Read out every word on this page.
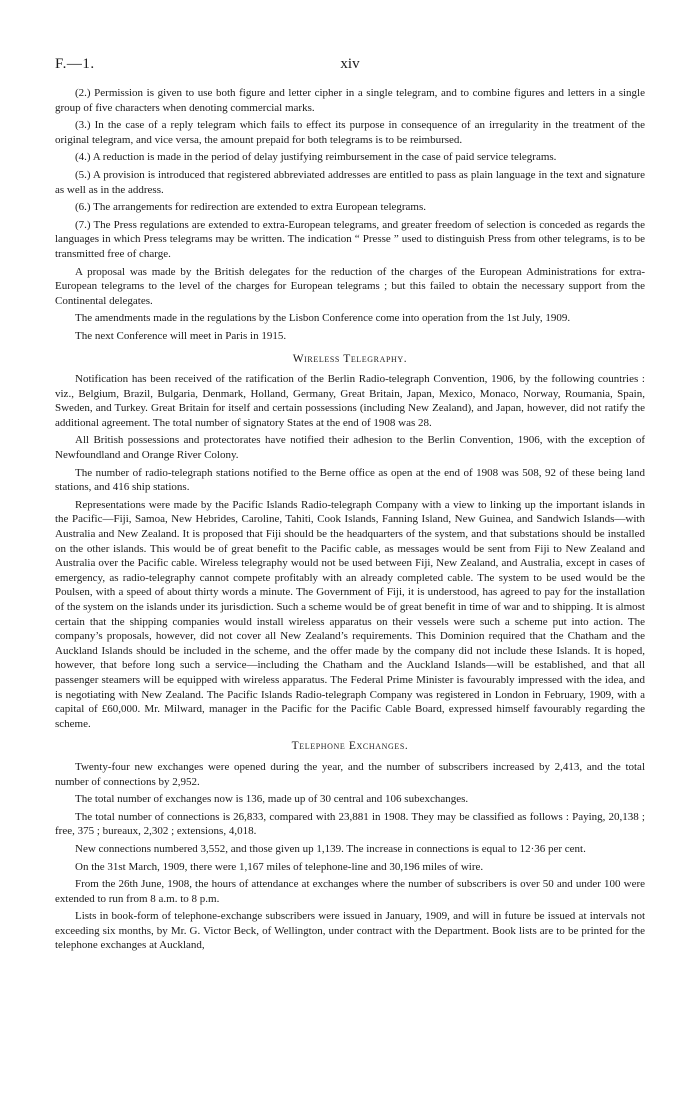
F.—1.	xiv

(2.) Permission is given to use both figure and letter cipher in a single telegram, and to combine figures and letters in a single group of five characters when denoting commercial marks.

(3.) In the case of a reply telegram which fails to effect its purpose in consequence of an irregularity in the treatment of the original telegram, and vice versa, the amount prepaid for both telegrams is to be reimbursed.

(4.) A reduction is made in the period of delay justifying reimbursement in the case of paid service telegrams.

(5.) A provision is introduced that registered abbreviated addresses are entitled to pass as plain language in the text and signature as well as in the address.

(6.) The arrangements for redirection are extended to extra European telegrams.

(7.) The Press regulations are extended to extra-European telegrams, and greater freedom of selection is conceded as regards the languages in which Press telegrams may be written. The indication “ Presse ” used to distinguish Press from other telegrams, is to be transmitted free of charge.

A proposal was made by the British delegates for the reduction of the charges of the European Administrations for extra-European telegrams to the level of the charges for European telegrams ; but this failed to obtain the necessary support from the Continental delegates.

The amendments made in the regulations by the Lisbon Conference come into operation from the 1st July, 1909.

The next Conference will meet in Paris in 1915.

Wireless Telegraphy.

Notification has been received of the ratification of the Berlin Radio-telegraph Convention, 1906, by the following countries : viz., Belgium, Brazil, Bulgaria, Denmark, Holland, Germany, Great Britain, Japan, Mexico, Monaco, Norway, Roumania, Spain, Sweden, and Turkey. Great Britain for itself and certain possessions (including New Zealand), and Japan, however, did not ratify the additional agreement. The total number of signatory States at the end of 1908 was 28.

All British possessions and protectorates have notified their adhesion to the Berlin Convention, 1906, with the exception of Newfoundland and Orange River Colony.

The number of radio-telegraph stations notified to the Berne office as open at the end of 1908 was 508, 92 of these being land stations, and 416 ship stations.

Representations were made by the Pacific Islands Radio-telegraph Company with a view to linking up the important islands in the Pacific—Fiji, Samoa, New Hebrides, Caroline, Tahiti, Cook Islands, Fanning Island, New Guinea, and Sandwich Islands—with Australia and New Zealand. It is proposed that Fiji should be the headquarters of the system, and that substations should be installed on the other islands. This would be of great benefit to the Pacific cable, as messages would be sent from Fiji to New Zealand and Australia over the Pacific cable. Wireless telegraphy would not be used between Fiji, New Zealand, and Australia, except in cases of emergency, as radio-telegraphy cannot compete profitably with an already completed cable. The system to be used would be the Poulsen, with a speed of about thirty words a minute. The Government of Fiji, it is understood, has agreed to pay for the installation of the system on the islands under its jurisdiction. Such a scheme would be of great benefit in time of war and to shipping. It is almost certain that the shipping companies would install wireless apparatus on their vessels were such a scheme put into action. The company’s proposals, however, did not cover all New Zealand’s requirements. This Dominion required that the Chatham and the Auckland Islands should be included in the scheme, and the offer made by the company did not include these Islands. It is hoped, however, that before long such a service—including the Chatham and the Auckland Islands—will be established, and that all passenger steamers will be equipped with wireless apparatus. The Federal Prime Minister is favourably impressed with the idea, and is negotiating with New Zealand. The Pacific Islands Radio-telegraph Company was registered in London in February, 1909, with a capital of £60,000. Mr. Milward, manager in the Pacific for the Pacific Cable Board, expressed himself favourably regarding the scheme.

Telephone Exchanges.

Twenty-four new exchanges were opened during the year, and the number of subscribers increased by 2,413, and the total number of connections by 2,952.

The total number of exchanges now is 136, made up of 30 central and 106 subexchanges.

The total number of connections is 26,833, compared with 23,881 in 1908. They may be classified as follows : Paying, 20,138 ; free, 375 ; bureaux, 2,302 ; extensions, 4,018.

New connections numbered 3,552, and those given up 1,139. The increase in connections is equal to 12·36 per cent.

On the 31st March, 1909, there were 1,167 miles of telephone-line and 30,196 miles of wire.

From the 26th June, 1908, the hours of attendance at exchanges where the number of subscribers is over 50 and under 100 were extended to run from 8 a.m. to 8 p.m.

Lists in book-form of telephone-exchange subscribers were issued in January, 1909, and will in future be issued at intervals not exceeding six months, by Mr. G. Victor Beck, of Wellington, under contract with the Department. Book lists are to be printed for the telephone exchanges at Auckland,
